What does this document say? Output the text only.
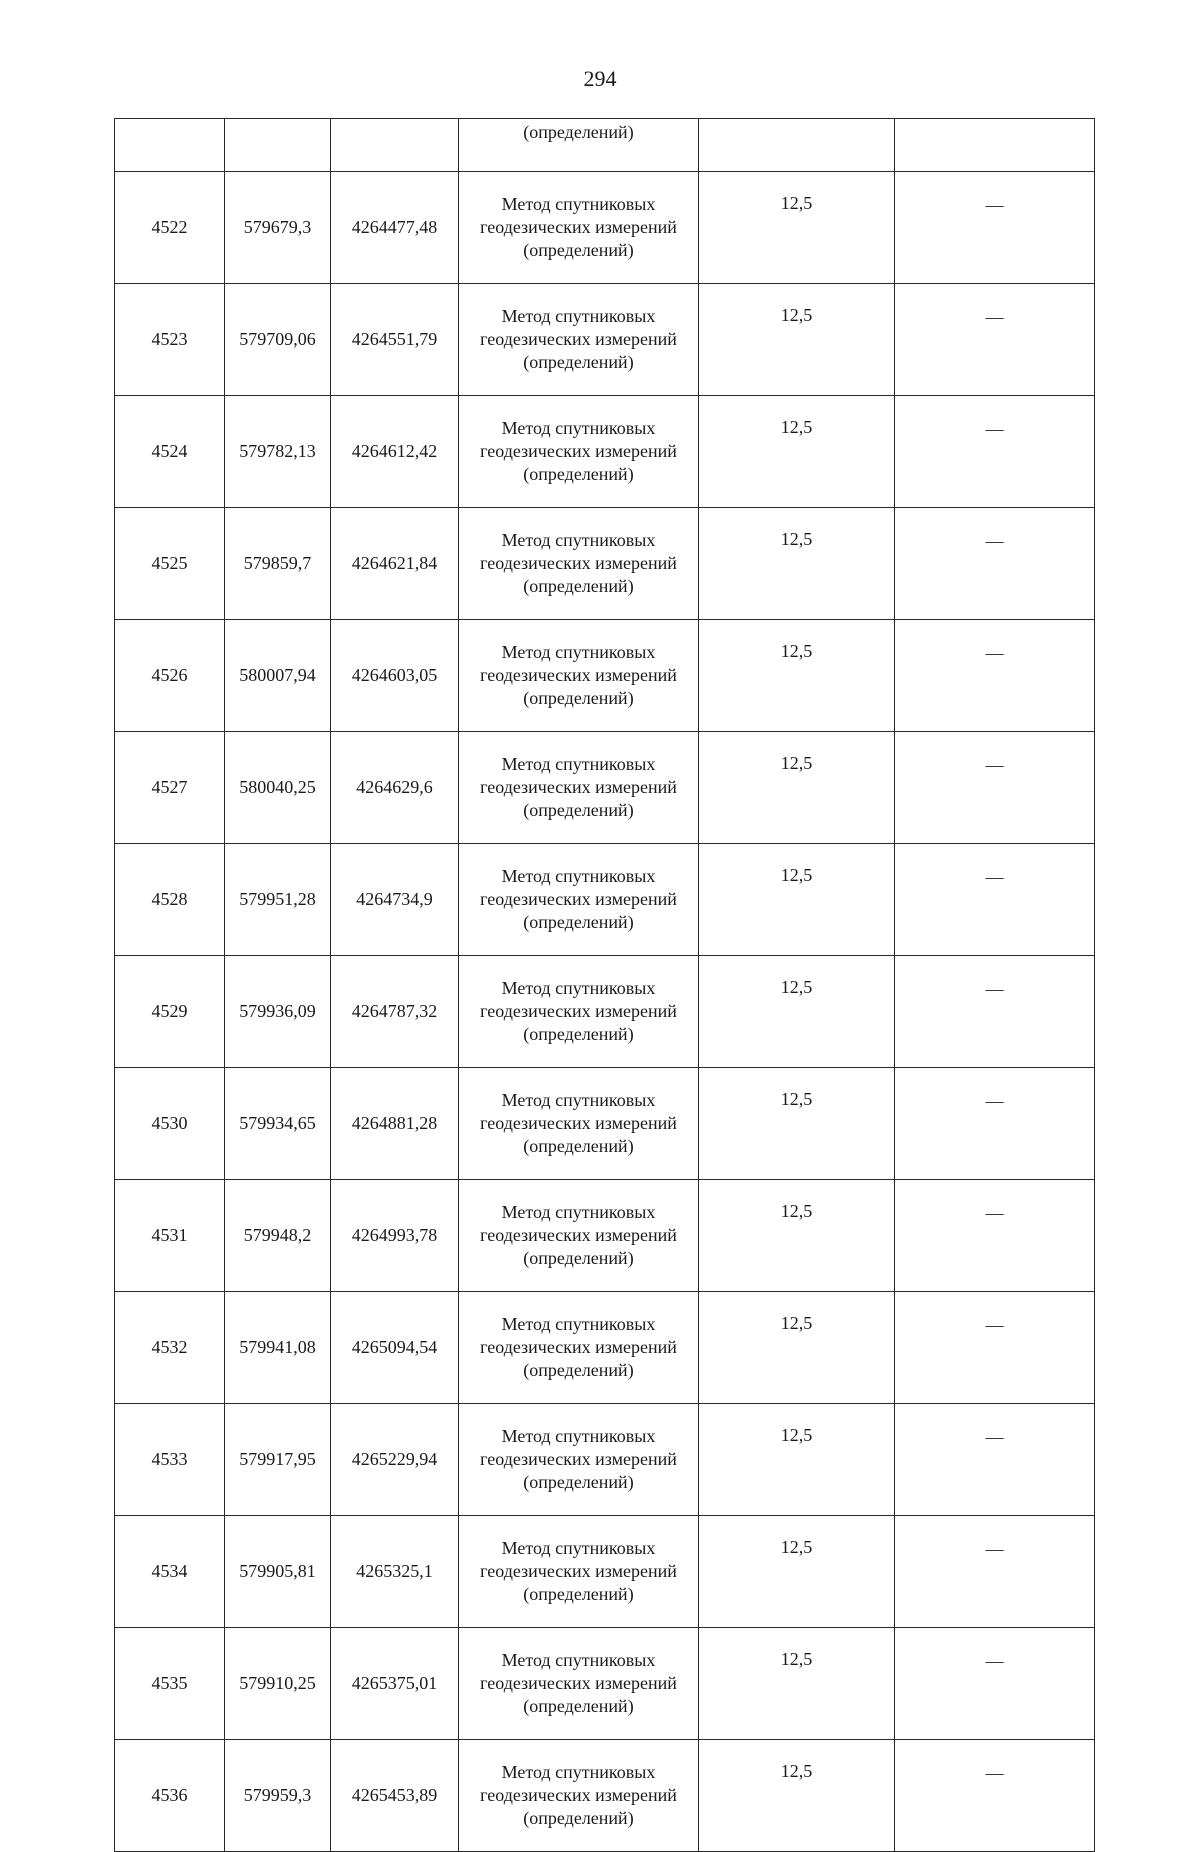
294
			(определений)		
4522	579679,3	4264477,48	Метод спутниковых
геодезических измерений
(определений)	12,5	—
4523	579709,06	4264551,79	Метод спутниковых
геодезических измерений
(определений)	12,5	—
4524	579782,13	4264612,42	Метод спутниковых
геодезических измерений
(определений)	12,5	—
4525	579859,7	4264621,84	Метод спутниковых
геодезических измерений
(определений)	12,5	—
4526	580007,94	4264603,05	Метод спутниковых
геодезических измерений
(определений)	12,5	—
4527	580040,25	4264629,6	Метод спутниковых
геодезических измерений
(определений)	12,5	—
4528	579951,28	4264734,9	Метод спутниковых
геодезических измерений
(определений)	12,5	—
4529	579936,09	4264787,32	Метод спутниковых
геодезических измерений
(определений)	12,5	—
4530	579934,65	4264881,28	Метод спутниковых
геодезических измерений
(определений)	12,5	—
4531	579948,2	4264993,78	Метод спутниковых
геодезических измерений
(определений)	12,5	—
4532	579941,08	4265094,54	Метод спутниковых
геодезических измерений
(определений)	12,5	—
4533	579917,95	4265229,94	Метод спутниковых
геодезических измерений
(определений)	12,5	—
4534	579905,81	4265325,1	Метод спутниковых
геодезических измерений
(определений)	12,5	—
4535	579910,25	4265375,01	Метод спутниковых
геодезических измерений
(определений)	12,5	—
4536	579959,3	4265453,89	Метод спутниковых
геодезических измерений
(определений)	12,5	—
